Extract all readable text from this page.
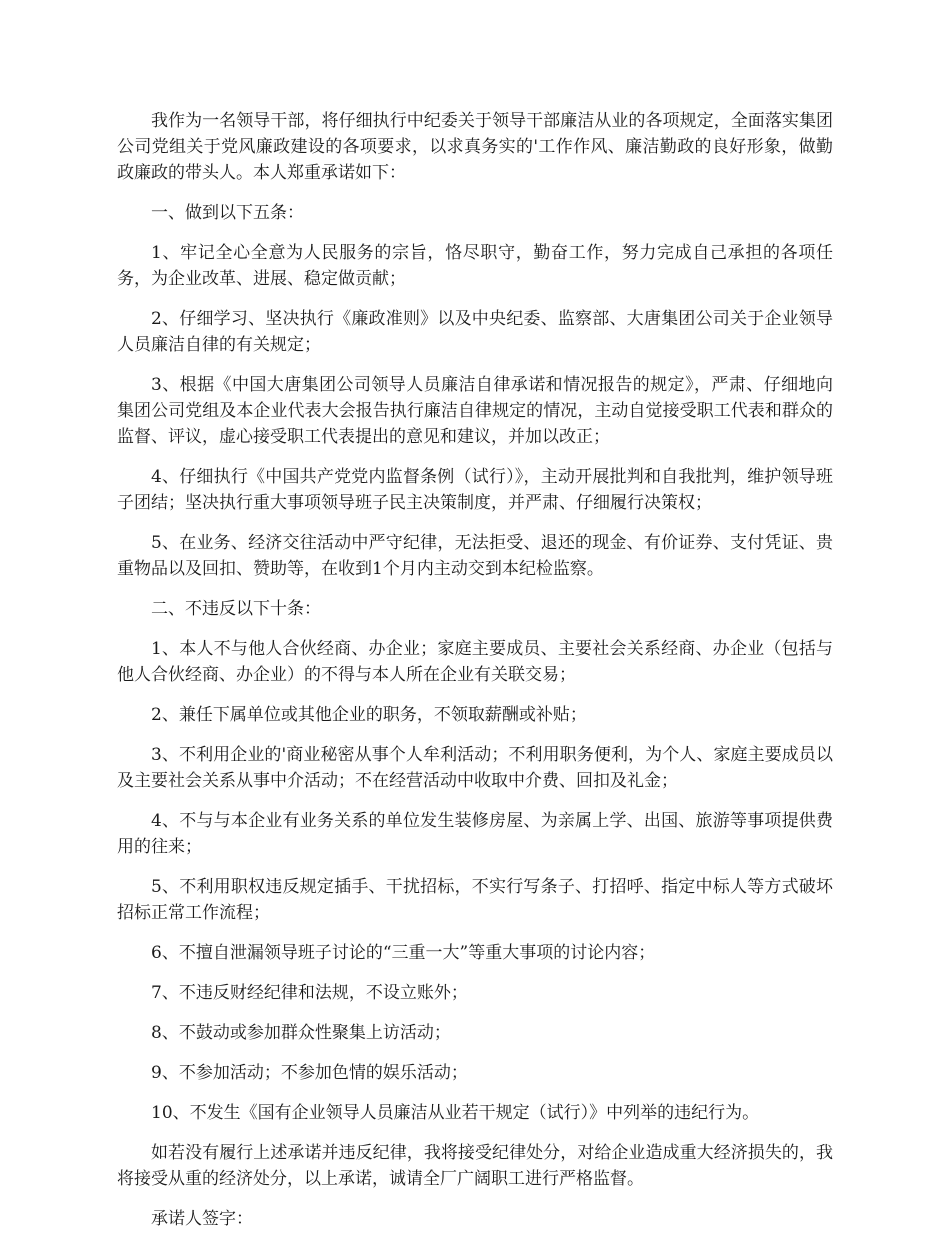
我作为一名领导干部，将仔细执行中纪委关于领导干部廉洁从业的各项规定，全面落实集团公司党组关于党风廉政建设的各项要求，以求真务实的'工作作风、廉洁勤政的良好形象，做勤政廉政的带头人。本人郑重承诺如下：

一、做到以下五条：

1、牢记全心全意为人民服务的宗旨，恪尽职守，勤奋工作，努力完成自己承担的各项任务，为企业改革、进展、稳定做贡献；

2、仔细学习、坚决执行《廉政准则》以及中央纪委、监察部、大唐集团公司关于企业领导人员廉洁自律的有关规定；

3、根据《中国大唐集团公司领导人员廉洁自律承诺和情况报告的规定》，严肃、仔细地向集团公司党组及本企业代表大会报告执行廉洁自律规定的情况，主动自觉接受职工代表和群众的监督、评议，虚心接受职工代表提出的意见和建议，并加以改正；

4、仔细执行《中国共产党党内监督条例（试行）》，主动开展批判和自我批判，维护领导班子团结；坚决执行重大事项领导班子民主决策制度，并严肃、仔细履行决策权；

5、在业务、经济交往活动中严守纪律，无法拒受、退还的现金、有价证券、支付凭证、贵重物品以及回扣、赞助等，在收到1个月内主动交到本纪检监察。

二、不违反以下十条：

1、本人不与他人合伙经商、办企业；家庭主要成员、主要社会关系经商、办企业（包括与他人合伙经商、办企业）的不得与本人所在企业有关联交易；

2、兼任下属单位或其他企业的职务，不领取薪酬或补贴；

3、不利用企业的'商业秘密从事个人牟利活动；不利用职务便利，为个人、家庭主要成员以及主要社会关系从事中介活动；不在经营活动中收取中介费、回扣及礼金；

4、不与与本企业有业务关系的单位发生装修房屋、为亲属上学、出国、旅游等事项提供费用的往来；

5、不利用职权违反规定插手、干扰招标，不实行写条子、打招呼、指定中标人等方式破坏招标正常工作流程；

6、不擅自泄漏领导班子讨论的“三重一大”等重大事项的讨论内容；

7、不违反财经纪律和法规，不设立账外；

8、不鼓动或参加群众性聚集上访活动；

9、不参加活动；不参加色情的娱乐活动；

10、不发生《国有企业领导人员廉洁从业若干规定（试行）》中列举的违纪行为。

如若没有履行上述承诺并违反纪律，我将接受纪律处分，对给企业造成重大经济损失的，我将接受从重的经济处分，以上承诺，诚请全厂广阔职工进行严格监督。

承诺人签字：
